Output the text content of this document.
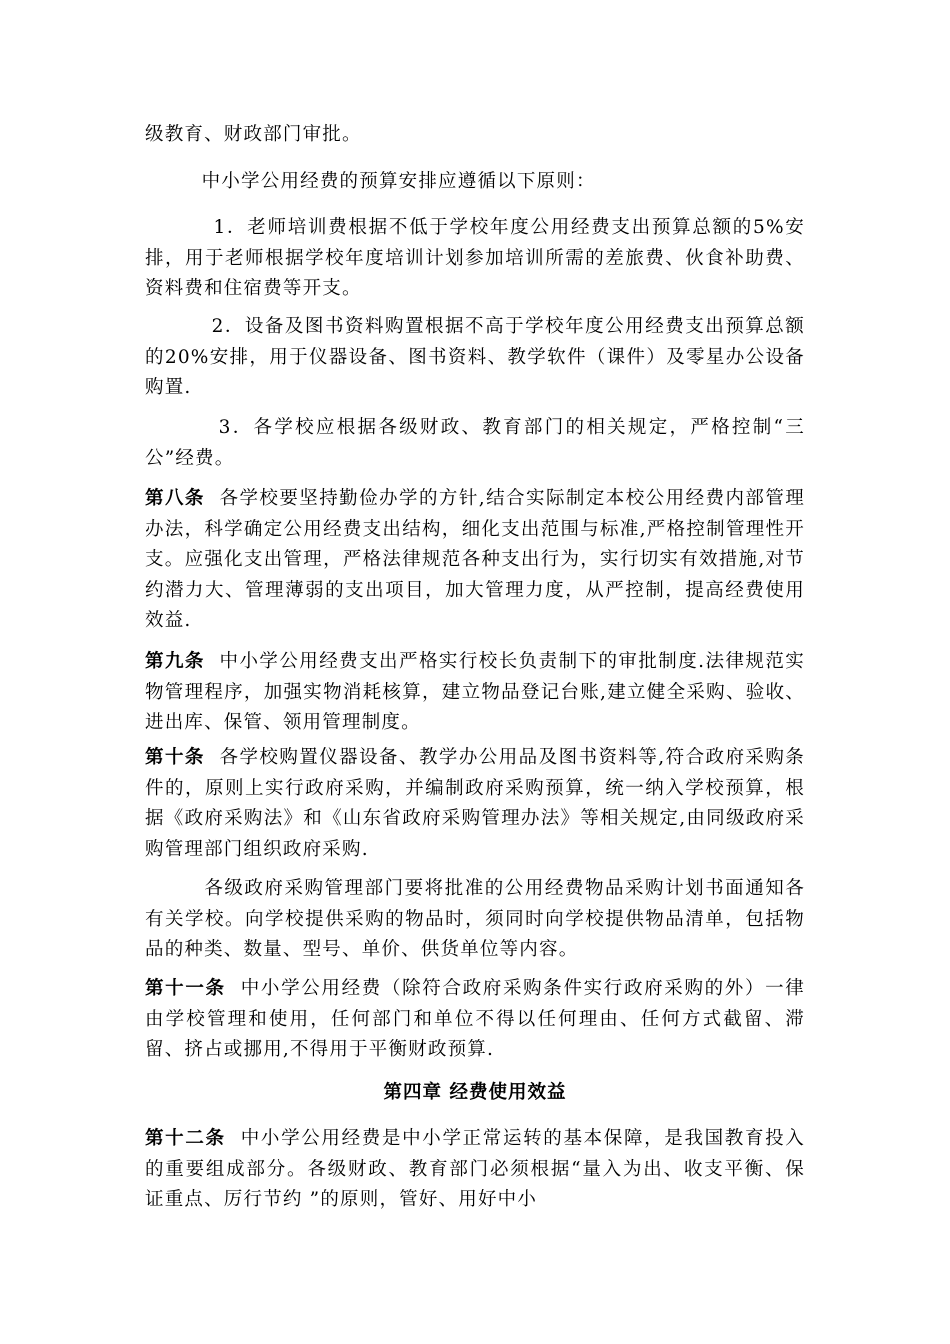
级教育、财政部门审批。

中小学公用经费的预算安排应遵循以下原则：

1．老师培训费根据不低于学校年度公用经费支出预算总额的5%安排，用于老师根据学校年度培训计划参加培训所需的差旅费、伙食补助费、资料费和住宿费等开支。

2．设备及图书资料购置根据不高于学校年度公用经费支出预算总额的20%安排，用于仪器设备、图书资料、教学软件（课件）及零星办公设备购置.

3．各学校应根据各级财政、教育部门的相关规定，严格控制“三公”经费。

第八条  各学校要坚持勤俭办学的方针,结合实际制定本校公用经费内部管理办法，科学确定公用经费支出结构，细化支出范围与标准,严格控制管理性开支。应强化支出管理，严格法律规范各种支出行为，实行切实有效措施,对节约潜力大、管理薄弱的支出项目，加大管理力度，从严控制，提高经费使用效益.

第九条  中小学公用经费支出严格实行校长负责制下的审批制度.法律规范实物管理程序，加强实物消耗核算，建立物品登记台账,建立健全采购、验收、进出库、保管、领用管理制度。

第十条  各学校购置仪器设备、教学办公用品及图书资料等,符合政府采购条件的，原则上实行政府采购，并编制政府采购预算，统一纳入学校预算，根据《政府采购法》和《山东省政府采购管理办法》等相关规定,由同级政府采购管理部门组织政府采购.

各级政府采购管理部门要将批准的公用经费物品采购计划书面通知各有关学校。向学校提供采购的物品时，须同时向学校提供物品清单，包括物品的种类、数量、型号、单价、供货单位等内容。

第十一条  中小学公用经费（除符合政府采购条件实行政府采购的外）一律由学校管理和使用，任何部门和单位不得以任何理由、任何方式截留、滞留、挤占或挪用,不得用于平衡财政预算.

第四章 经费使用效益

第十二条  中小学公用经费是中小学正常运转的基本保障，是我国教育投入的重要组成部分。各级财政、教育部门必须根据“量入为出、收支平衡、保证重点、厉行节约 ”的原则，管好、用好中小
